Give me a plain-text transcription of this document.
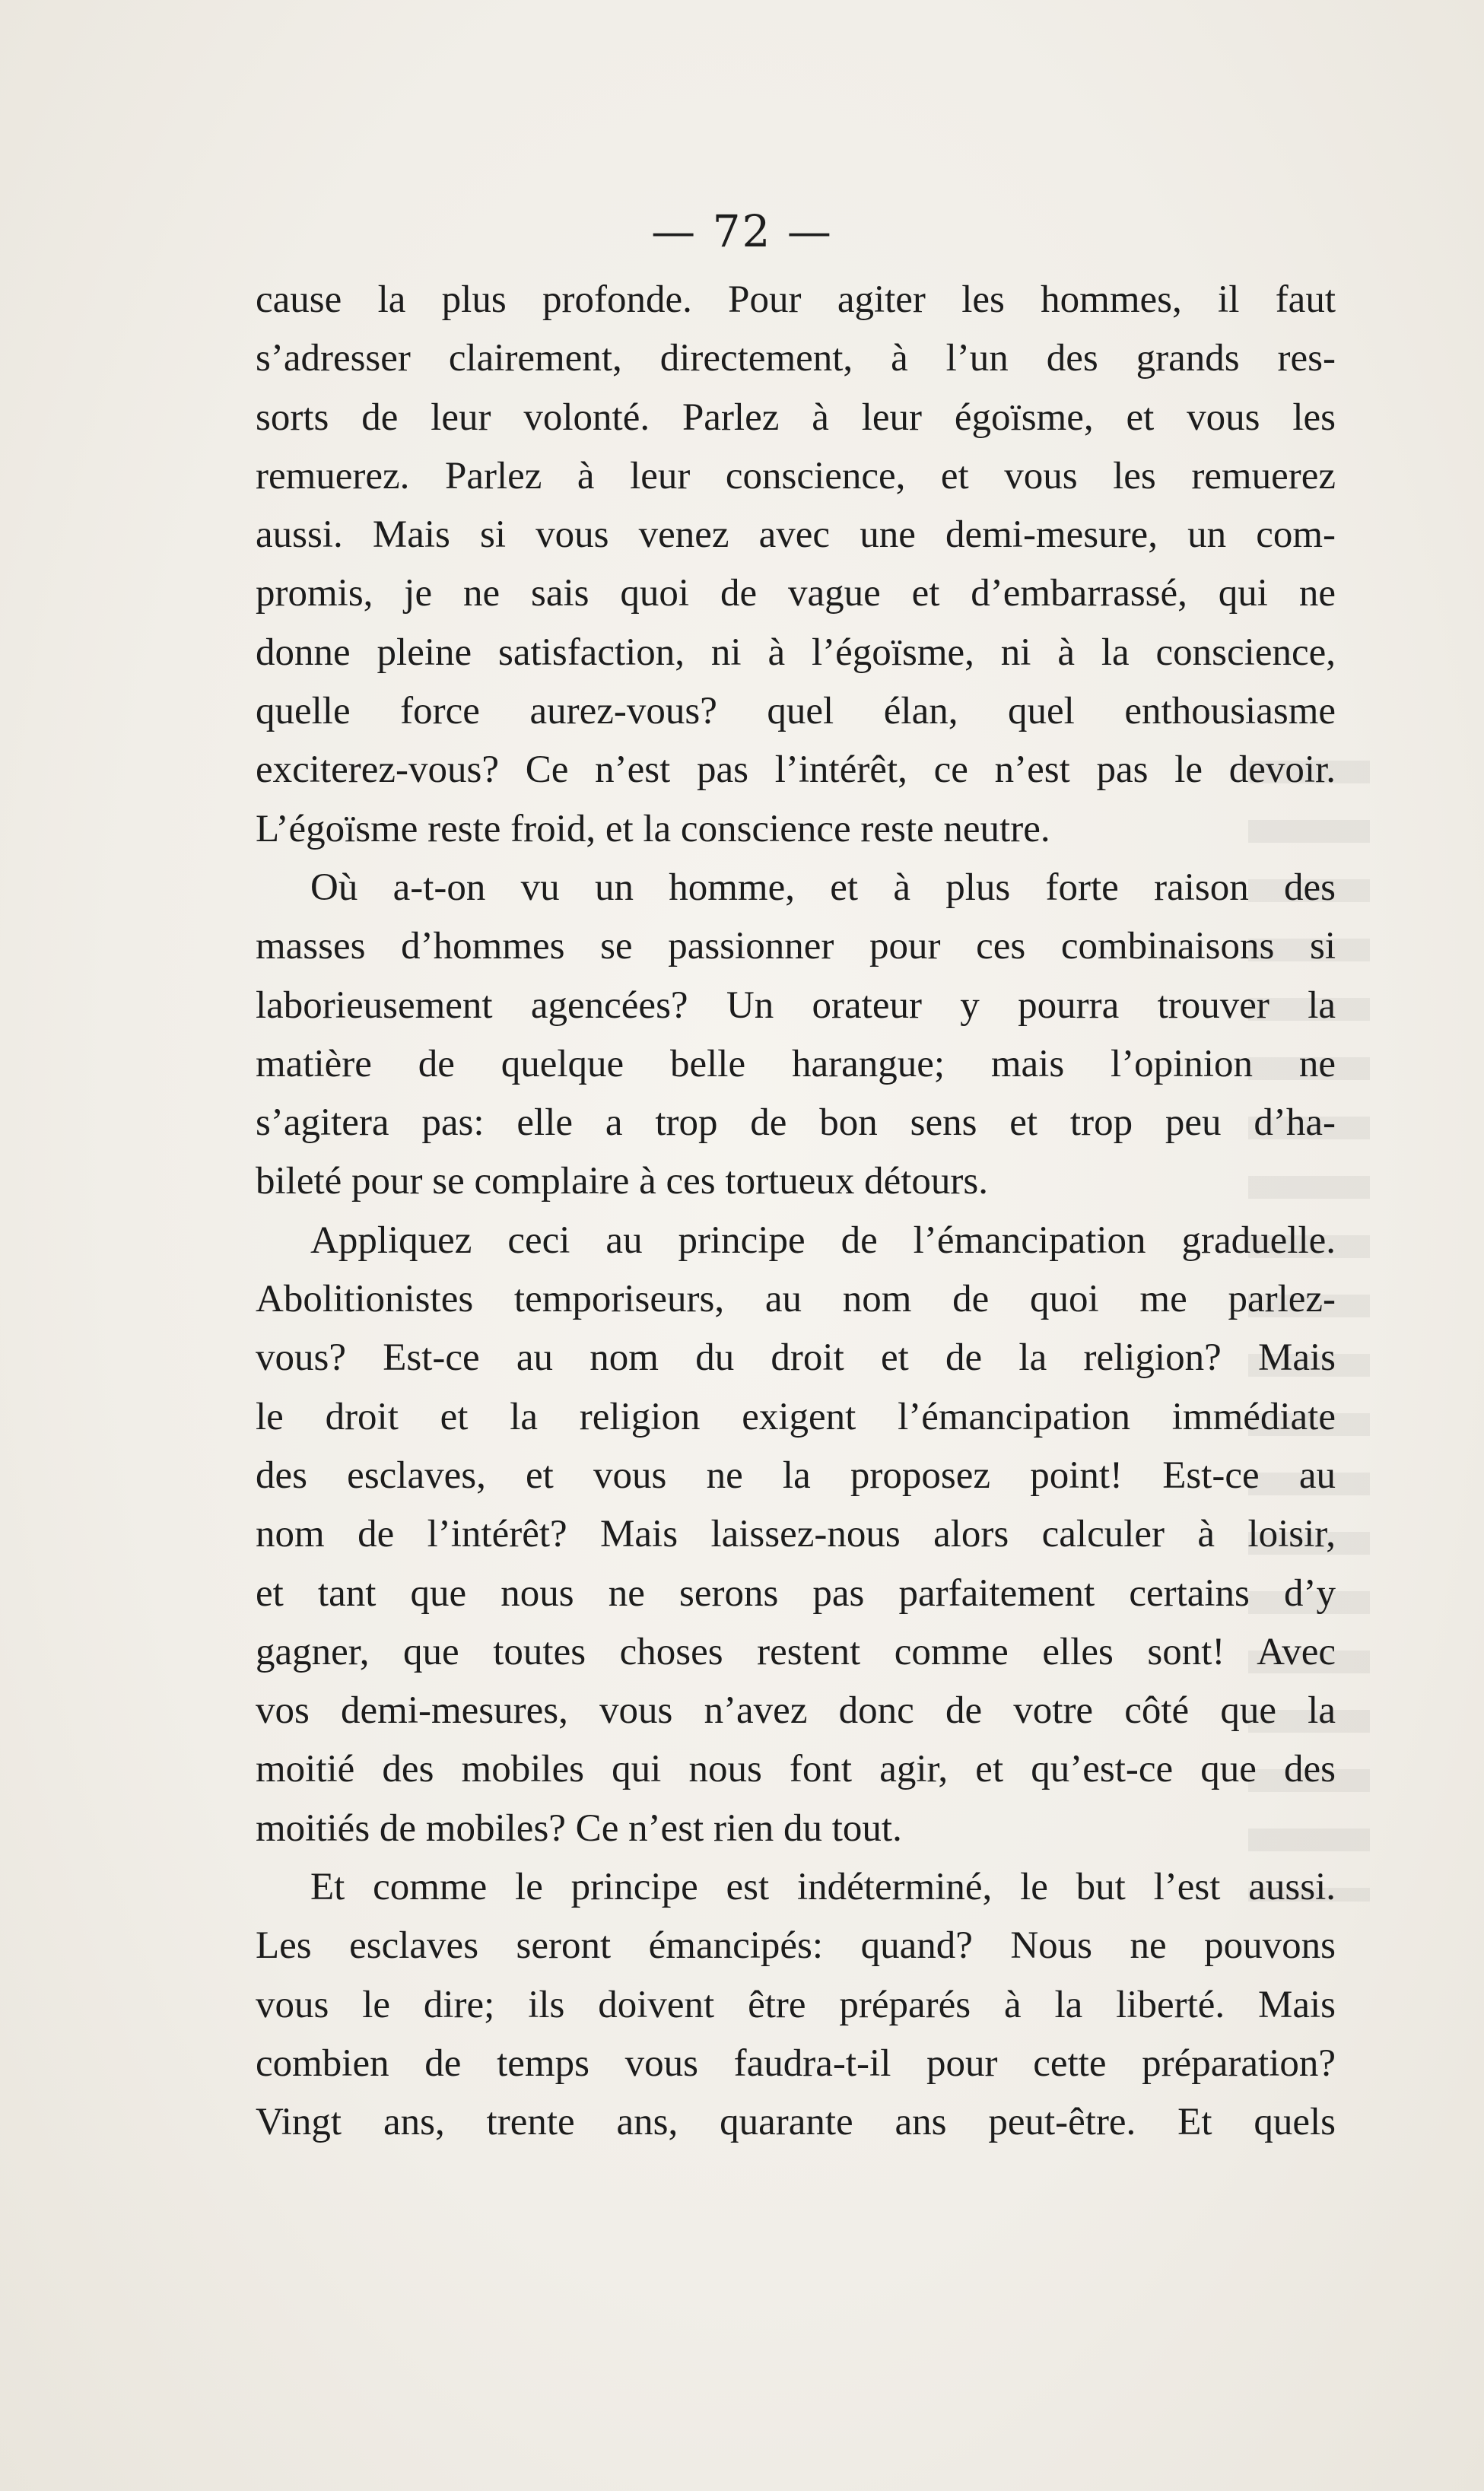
— 72 —
cause la plus profonde. Pour agiter les hommes, il faut
s’adresser clairement, directement, à l’un des grands res-
sorts de leur volonté. Parlez à leur égoïsme, et vous les
remuerez. Parlez à leur conscience, et vous les remuerez
aussi. Mais si vous venez avec une demi-mesure, un com-
promis, je ne sais quoi de vague et d’embarrassé, qui ne
donne pleine satisfaction, ni à l’égoïsme, ni à la conscience,
quelle force aurez-vous? quel élan, quel enthousiasme
exciterez-vous? Ce n’est pas l’intérêt, ce n’est pas le devoir.
L’égoïsme reste froid, et la conscience reste neutre.
Où a-t-on vu un homme, et à plus forte raison des
masses d’hommes se passionner pour ces combinaisons si
laborieusement agencées? Un orateur y pourra trouver la
matière de quelque belle harangue; mais l’opinion ne
s’agitera pas: elle a trop de bon sens et trop peu d’ha-
bileté pour se complaire à ces tortueux détours.
Appliquez ceci au principe de l’émancipation graduelle.
Abolitionistes temporiseurs, au nom de quoi me parlez-
vous? Est-ce au nom du droit et de la religion? Mais
le droit et la religion exigent l’émancipation immédiate
des esclaves, et vous ne la proposez point! Est-ce au
nom de l’intérêt? Mais laissez-nous alors calculer à loisir,
et tant que nous ne serons pas parfaitement certains d’y
gagner, que toutes choses restent comme elles sont! Avec
vos demi-mesures, vous n’avez donc de votre côté que la
moitié des mobiles qui nous font agir, et qu’est-ce que des
moitiés de mobiles? Ce n’est rien du tout.
Et comme le principe est indéterminé, le but l’est aussi.
Les esclaves seront émancipés: quand? Nous ne pouvons
vous le dire; ils doivent être préparés à la liberté. Mais
combien de temps vous faudra-t-il pour cette préparation?
Vingt ans, trente ans, quarante ans peut-être. Et quels
